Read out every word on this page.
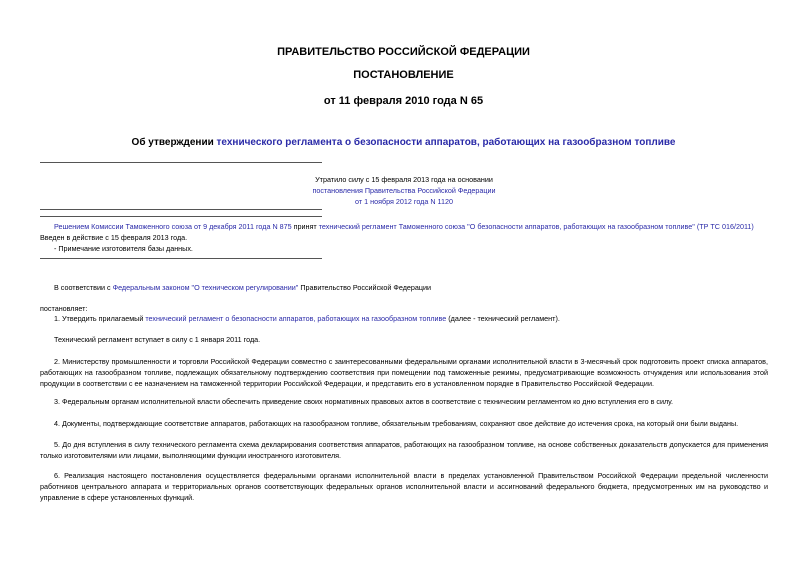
ПРАВИТЕЛЬСТВО РОССИЙСКОЙ ФЕДЕРАЦИИ
ПОСТАНОВЛЕНИЕ
от 11 февраля 2010 года N 65
Об утверждении технического регламента о безопасности аппаратов, работающих на газообразном топливе
Утратило силу с 15 февраля 2013 года на основании
постановления Правительства Российской Федерации
от 1 ноября 2012 года N 1120
Решением Комиссии Таможенного союза от 9 декабря 2011 года N 875 принят технический регламент Таможенного союза "О безопасности аппаратов, работающих на газообразном топливе" (ТР ТС 016/2011)
Введен в действие с 15 февраля 2013 года.
- Примечание изготовителя базы данных.
В соответствии с Федеральным законом "О техническом регулировании" Правительство Российской Федерации
постановляет:
1. Утвердить прилагаемый технический регламент о безопасности аппаратов, работающих на газообразном топливе (далее - технический регламент).
Технический регламент вступает в силу с 1 января 2011 года.
2. Министерству промышленности и торговли Российской Федерации совместно с заинтересованными федеральными органами исполнительной власти в 3-месячный срок подготовить проект списка аппаратов, работающих на газообразном топливе, подлежащих обязательному подтверждению соответствия при помещении под таможенные режимы, предусматривающие возможность отчуждения или использования этой продукции в соответствии с ее назначением на таможенной территории Российской Федерации, и представить его в установленном порядке в Правительство Российской Федерации.
3. Федеральным органам исполнительной власти обеспечить приведение своих нормативных правовых актов в соответствие с техническим регламентом ко дню вступления его в силу.
4. Документы, подтверждающие соответствие аппаратов, работающих на газообразном топливе, обязательным требованиям, сохраняют свое действие до истечения срока, на который они были выданы.
5. До дня вступления в силу технического регламента схема декларирования соответствия аппаратов, работающих на газообразном топливе, на основе собственных доказательств допускается для применения только изготовителями или лицами, выполняющими функции иностранного изготовителя.
6. Реализация настоящего постановления осуществляется федеральными органами исполнительной власти в пределах установленной Правительством Российской Федерации предельной численности работников центрального аппарата и территориальных органов соответствующих федеральных органов исполнительной власти и ассигнований федерального бюджета, предусмотренных им на руководство и управление в сфере установленных функций.
